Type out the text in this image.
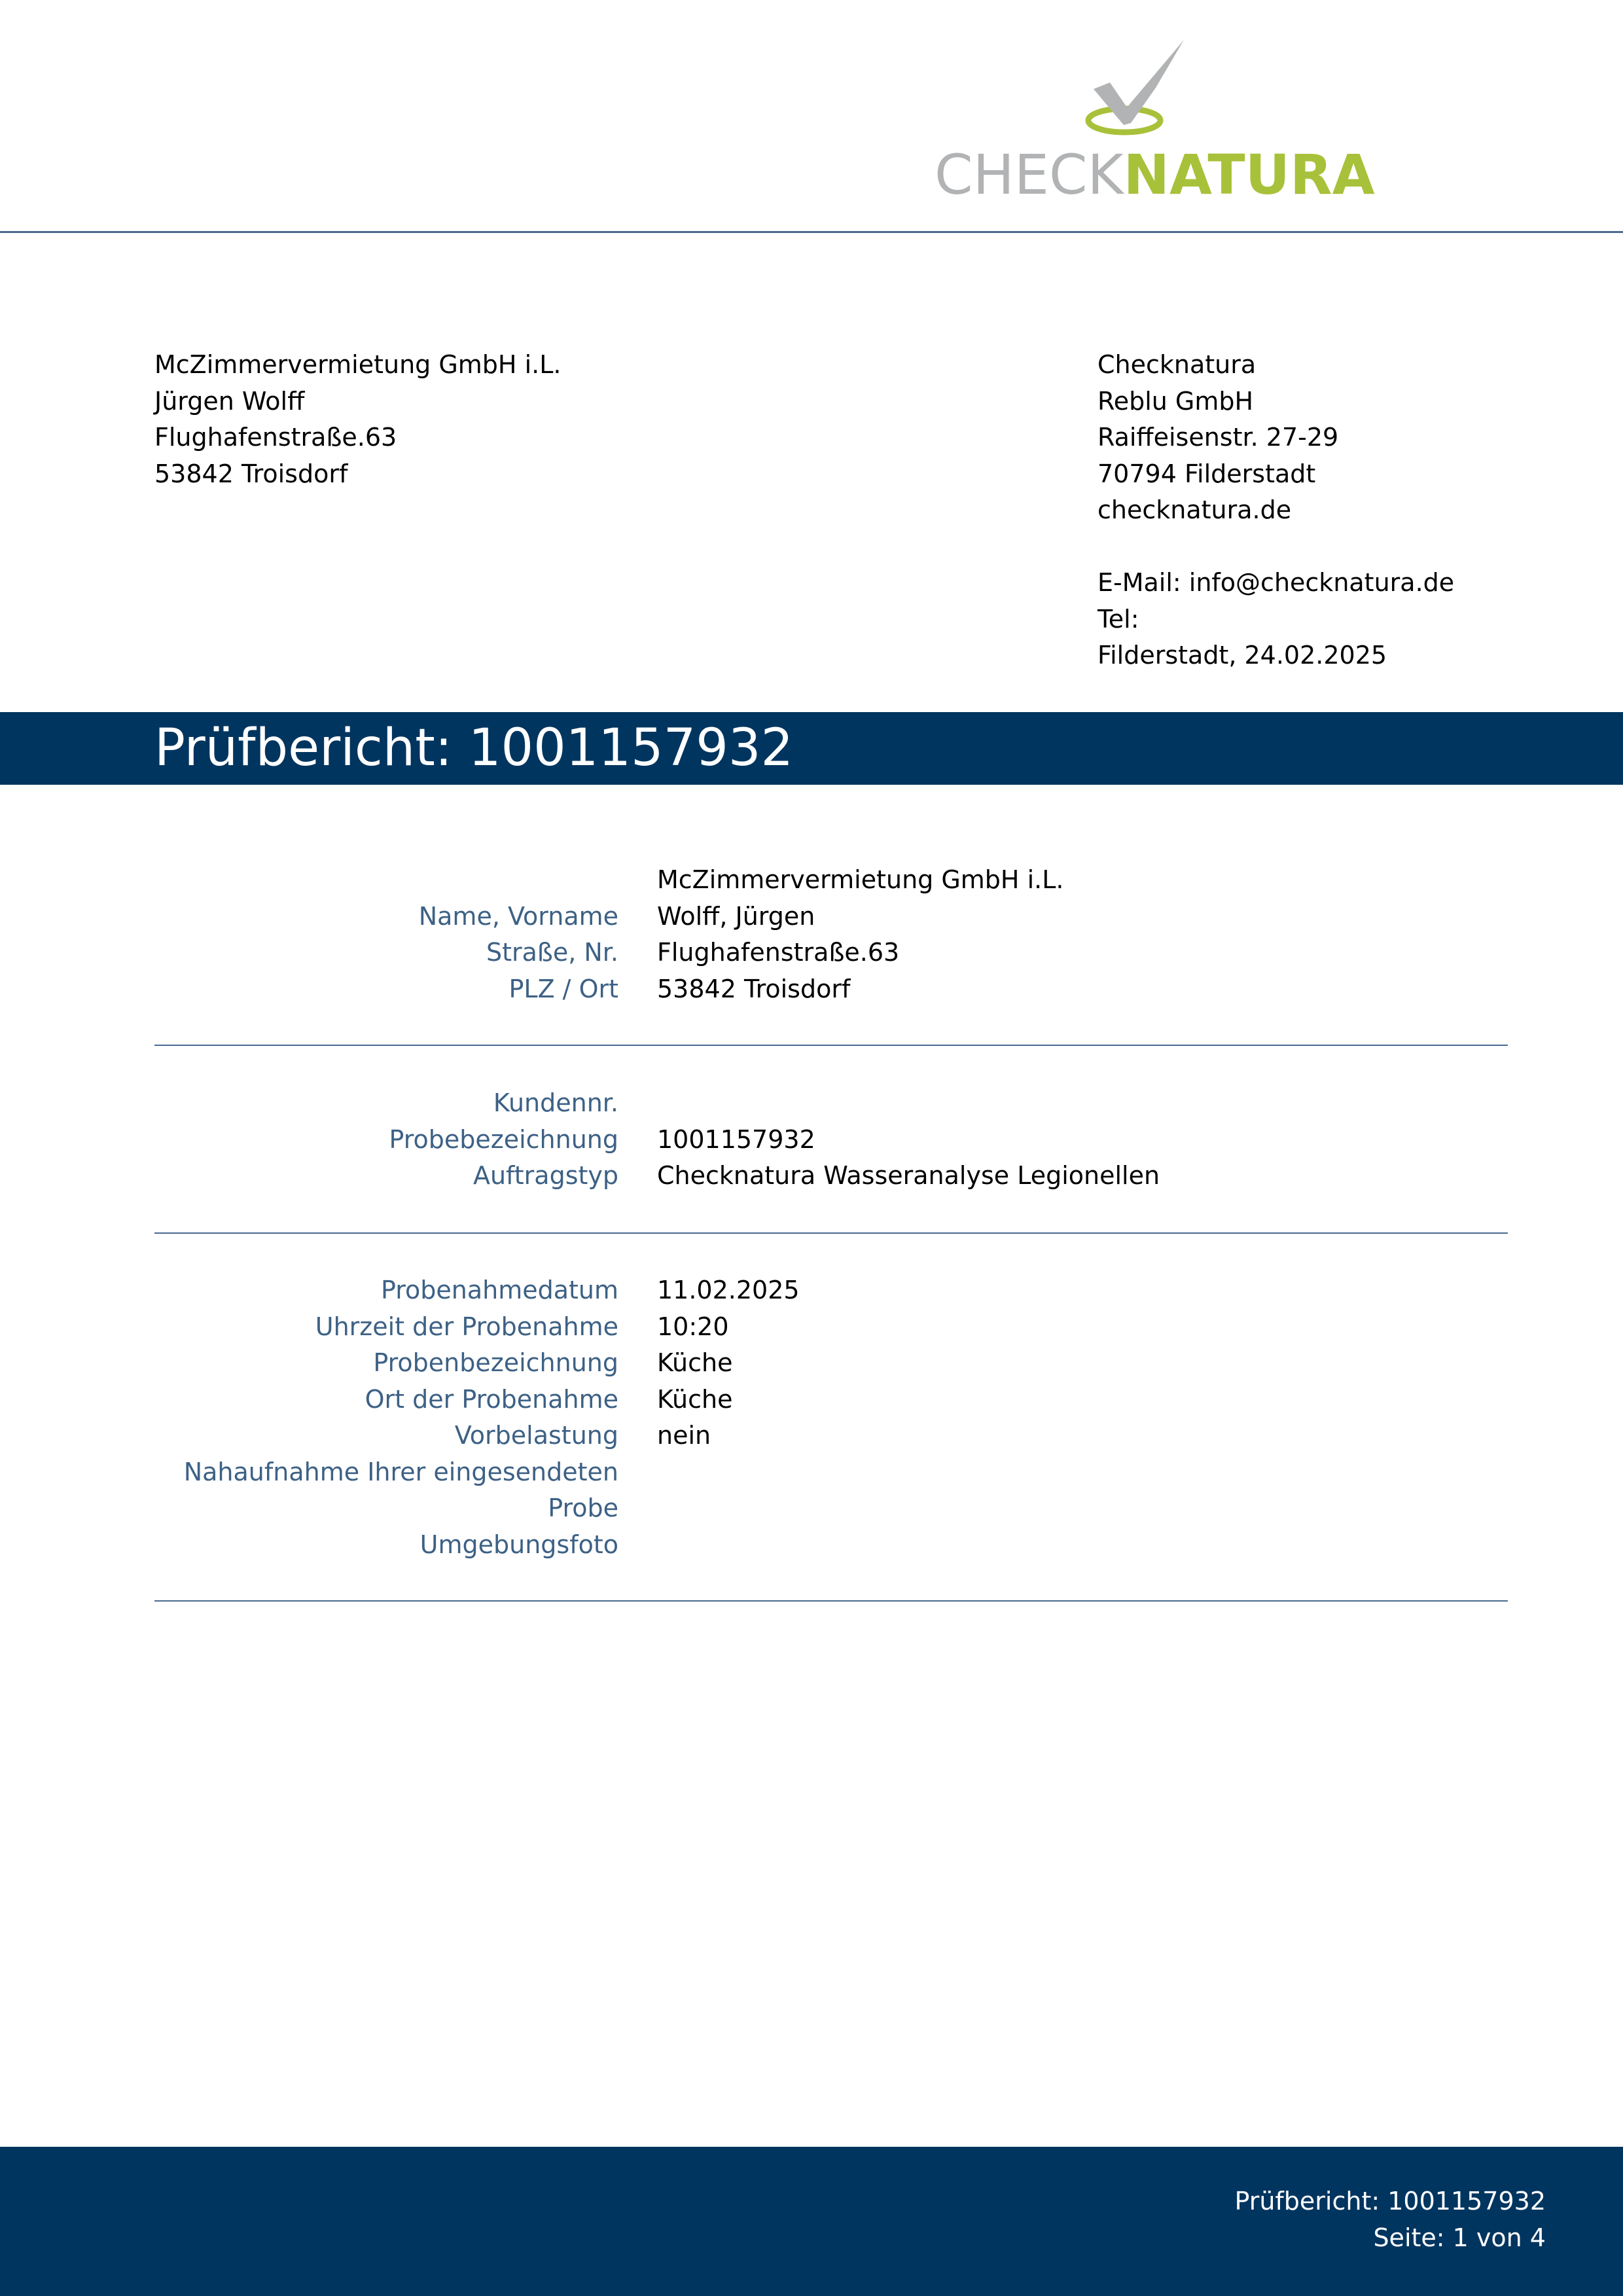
CHECKNATURA
McZimmervermietung GmbH i.L.
Jürgen Wolff
Flughafenstraße.63
53842 Troisdorf
Checknatura
Reblu GmbH
Raiffeisenstr. 27-29
70794 Filderstadt
checknatura.de
E-Mail: info@checknatura.de
Tel:
Filderstadt, 24.02.2025
Prüfbericht: 1001157932
McZimmervermietung GmbH i.L.
Name, Vorname Wolff, Jürgen
Straße, Nr. Flughafenstraße.63
PLZ / Ort 53842 Troisdorf
Kundennr.
Probebezeichnung 1001157932
Auftragstyp Checknatura Wasseranalyse Legionellen
Probenahmedatum 11.02.2025
Uhrzeit der Probenahme 10:20
Probenbezeichnung Küche
Ort der Probenahme Küche
Vorbelastung nein
Nahaufnahme Ihrer eingesendeten
Probe
Umgebungsfoto
Prüfbericht: 1001157932
Seite: 1 von 4
